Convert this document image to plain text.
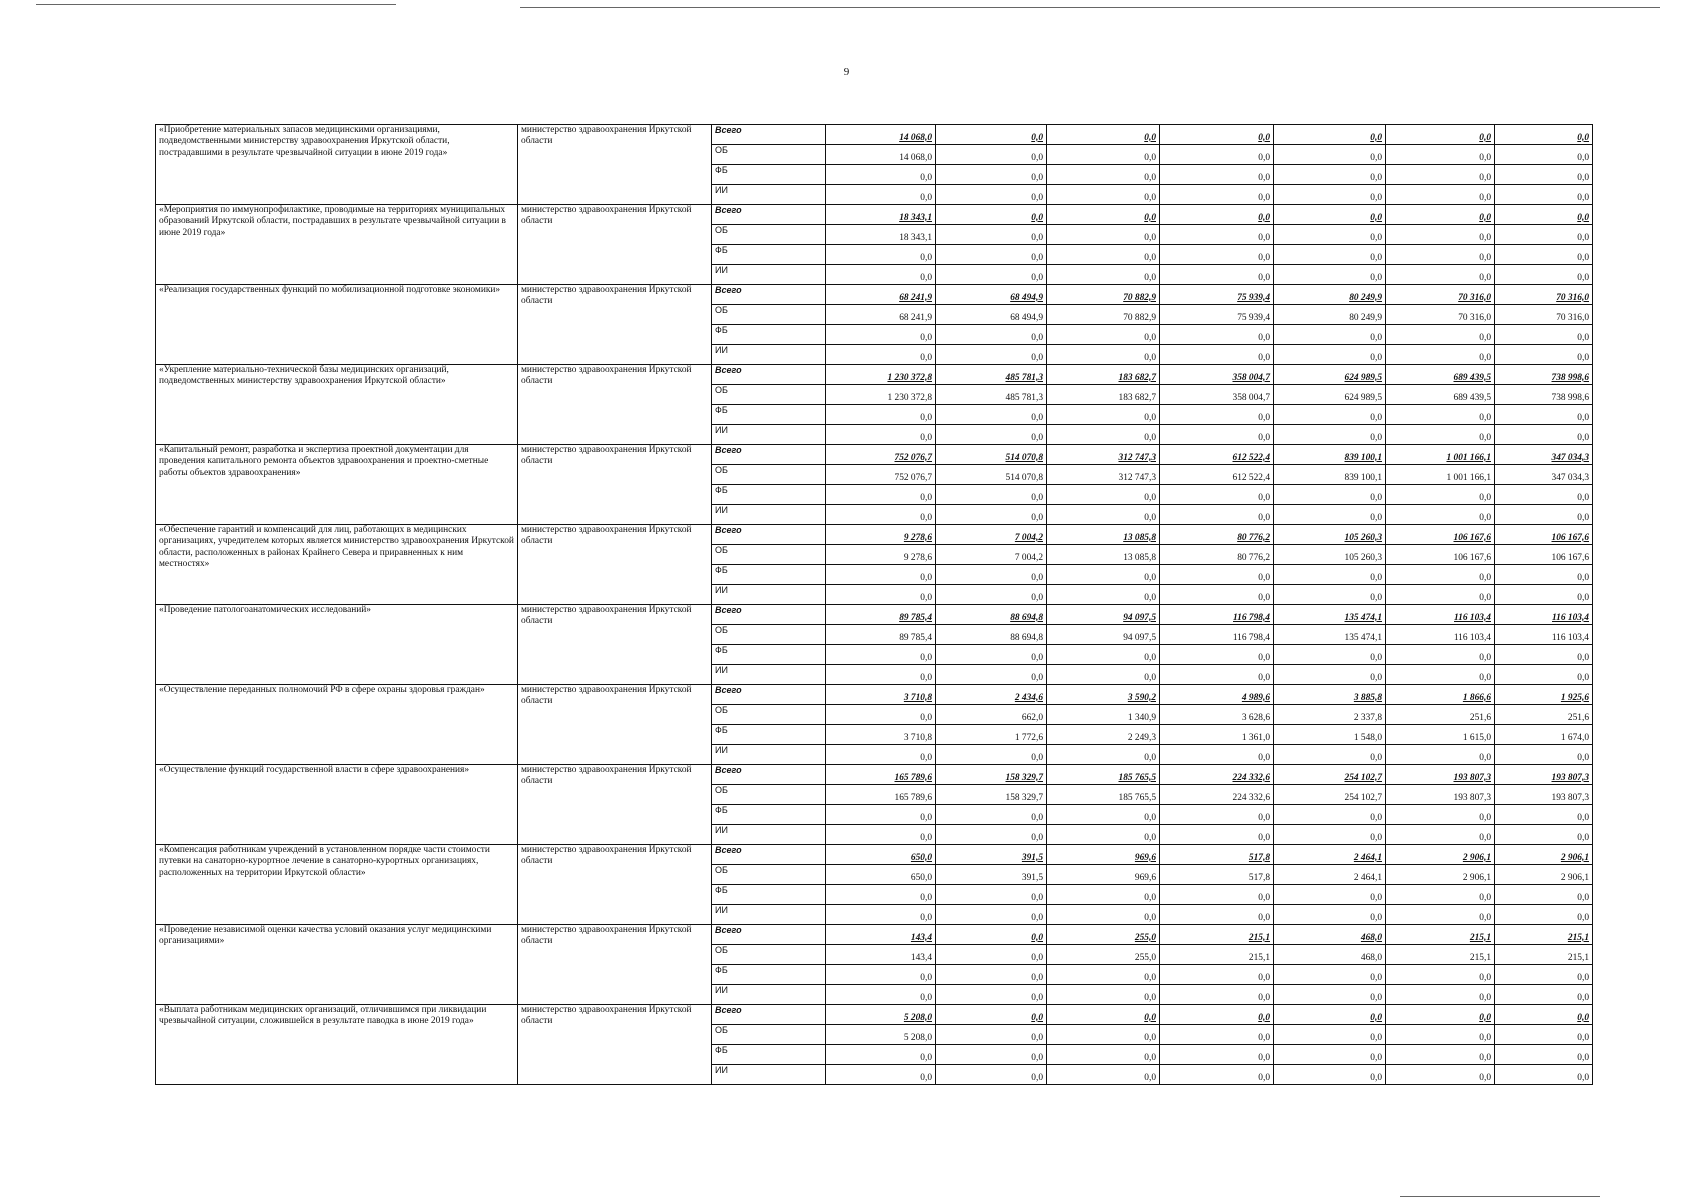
9
«Приобретение материальных запасов медицинскими организациями, подведомственными министерству здравоохранения Иркутской области, пострадавшими в результате чрезвычайной ситуации в июне 2019 года»	министерство здравоохранения Иркутской области	Всего	14 068,0	0,0	0,0	0,0	0,0	0,0	0,0
		ОБ	14 068,0	0,0	0,0	0,0	0,0	0,0	0,0
		ФБ	0,0	0,0	0,0	0,0	0,0	0,0	0,0
		ИИ	0,0	0,0	0,0	0,0	0,0	0,0	0,0
«Мероприятия по иммунопрофилактике, проводимые на территориях муниципальных образований Иркутской области, пострадавших в результате чрезвычайной ситуации в июне 2019 года»	министерство здравоохранения Иркутской области	Всего	18 343,1	0,0	0,0	0,0	0,0	0,0	0,0
		ОБ	18 343,1	0,0	0,0	0,0	0,0	0,0	0,0
		ФБ	0,0	0,0	0,0	0,0	0,0	0,0	0,0
		ИИ	0,0	0,0	0,0	0,0	0,0	0,0	0,0
«Реализация государственных функций по мобилизационной подготовке экономики»	министерство здравоохранения Иркутской области	Всего	68 241,9	68 494,9	70 882,9	75 939,4	80 249,9	70 316,0	70 316,0
		ОБ	68 241,9	68 494,9	70 882,9	75 939,4	80 249,9	70 316,0	70 316,0
		ФБ	0,0	0,0	0,0	0,0	0,0	0,0	0,0
		ИИ	0,0	0,0	0,0	0,0	0,0	0,0	0,0
«Укрепление материально-технической базы медицинских организаций, подведомственных министерству здравоохранения Иркутской области»	министерство здравоохранения Иркутской области	Всего	1 230 372,8	485 781,3	183 682,7	358 004,7	624 989,5	689 439,5	738 998,6
		ОБ	1 230 372,8	485 781,3	183 682,7	358 004,7	624 989,5	689 439,5	738 998,6
		ФБ	0,0	0,0	0,0	0,0	0,0	0,0	0,0
		ИИ	0,0	0,0	0,0	0,0	0,0	0,0	0,0
«Капитальный ремонт, разработка и экспертиза проектной документации для проведения капитального ремонта объектов здравоохранения и проектно-сметные работы объектов здравоохранения»	министерство здравоохранения Иркутской области	Всего	752 076,7	514 070,8	312 747,3	612 522,4	839 100,1	1 001 166,1	347 034,3
		ОБ	752 076,7	514 070,8	312 747,3	612 522,4	839 100,1	1 001 166,1	347 034,3
		ФБ	0,0	0,0	0,0	0,0	0,0	0,0	0,0
		ИИ	0,0	0,0	0,0	0,0	0,0	0,0	0,0
«Обеспечение гарантий и компенсаций для лиц, работающих в медицинских организациях, учредителем которых является министерство здравоохранения Иркутской области, расположенных в районах Крайнего Севера и приравненных к ним местностях»	министерство здравоохранения Иркутской области	Всего	9 278,6	7 004,2	13 085,8	80 776,2	105 260,3	106 167,6	106 167,6
		ОБ	9 278,6	7 004,2	13 085,8	80 776,2	105 260,3	106 167,6	106 167,6
		ФБ	0,0	0,0	0,0	0,0	0,0	0,0	0,0
		ИИ	0,0	0,0	0,0	0,0	0,0	0,0	0,0
«Проведение патологоанатомических исследований»	министерство здравоохранения Иркутской области	Всего	89 785,4	88 694,8	94 097,5	116 798,4	135 474,1	116 103,4	116 103,4
		ОБ	89 785,4	88 694,8	94 097,5	116 798,4	135 474,1	116 103,4	116 103,4
		ФБ	0,0	0,0	0,0	0,0	0,0	0,0	0,0
		ИИ	0,0	0,0	0,0	0,0	0,0	0,0	0,0
«Осуществление переданных полномочий РФ в сфере охраны здоровья граждан»	министерство здравоохранения Иркутской области	Всего	3 710,8	2 434,6	3 590,2	4 989,6	3 885,8	1 866,6	1 925,6
		ОБ	0,0	662,0	1 340,9	3 628,6	2 337,8	251,6	251,6
		ФБ	3 710,8	1 772,6	2 249,3	1 361,0	1 548,0	1 615,0	1 674,0
		ИИ	0,0	0,0	0,0	0,0	0,0	0,0	0,0
«Осуществление функций государственной власти в сфере здравоохранения»	министерство здравоохранения Иркутской области	Всего	165 789,6	158 329,7	185 765,5	224 332,6	254 102,7	193 807,3	193 807,3
		ОБ	165 789,6	158 329,7	185 765,5	224 332,6	254 102,7	193 807,3	193 807,3
		ФБ	0,0	0,0	0,0	0,0	0,0	0,0	0,0
		ИИ	0,0	0,0	0,0	0,0	0,0	0,0	0,0
«Компенсация работникам учреждений в установленном порядке части стоимости путевки на санаторно-курортное лечение в санаторно-курортных организациях, расположенных на территории Иркутской области»	министерство здравоохранения Иркутской области	Всего	650,0	391,5	969,6	517,8	2 464,1	2 906,1	2 906,1
		ОБ	650,0	391,5	969,6	517,8	2 464,1	2 906,1	2 906,1
		ФБ	0,0	0,0	0,0	0,0	0,0	0,0	0,0
		ИИ	0,0	0,0	0,0	0,0	0,0	0,0	0,0
«Проведение независимой оценки качества условий оказания услуг медицинскими организациями»	министерство здравоохранения Иркутской области	Всего	143,4	0,0	255,0	215,1	468,0	215,1	215,1
		ОБ	143,4	0,0	255,0	215,1	468,0	215,1	215,1
		ФБ	0,0	0,0	0,0	0,0	0,0	0,0	0,0
		ИИ	0,0	0,0	0,0	0,0	0,0	0,0	0,0
«Выплата работникам медицинских организаций, отличившимся при ликвидации чрезвычайной ситуации, сложившейся в результате паводка в июне 2019 года»	министерство здравоохранения Иркутской области	Всего	5 208,0	0,0	0,0	0,0	0,0	0,0	0,0
		ОБ	5 208,0	0,0	0,0	0,0	0,0	0,0	0,0
		ФБ	0,0	0,0	0,0	0,0	0,0	0,0	0,0
		ИИ	0,0	0,0	0,0	0,0	0,0	0,0	0,0
